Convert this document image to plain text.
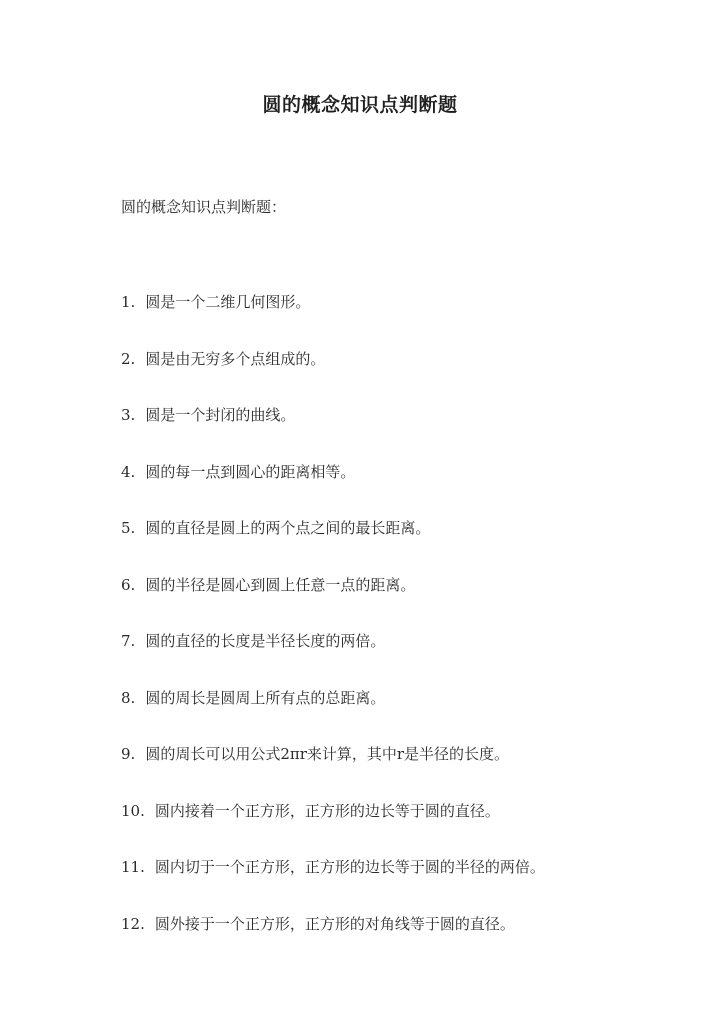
圆的概念知识点判断题

圆的概念知识点判断题：

1. 圆是一个二维几何图形。
2. 圆是由无穷多个点组成的。
3. 圆是一个封闭的曲线。
4. 圆的每一点到圆心的距离相等。
5. 圆的直径是圆上的两个点之间的最长距离。
6. 圆的半径是圆心到圆上任意一点的距离。
7. 圆的直径的长度是半径长度的两倍。
8. 圆的周长是圆周上所有点的总距离。
9. 圆的周长可以用公式2πr来计算，其中r是半径的长度。
10. 圆内接着一个正方形，正方形的边长等于圆的直径。
11. 圆内切于一个正方形，正方形的边长等于圆的半径的两倍。
12. 圆外接于一个正方形，正方形的对角线等于圆的直径。
